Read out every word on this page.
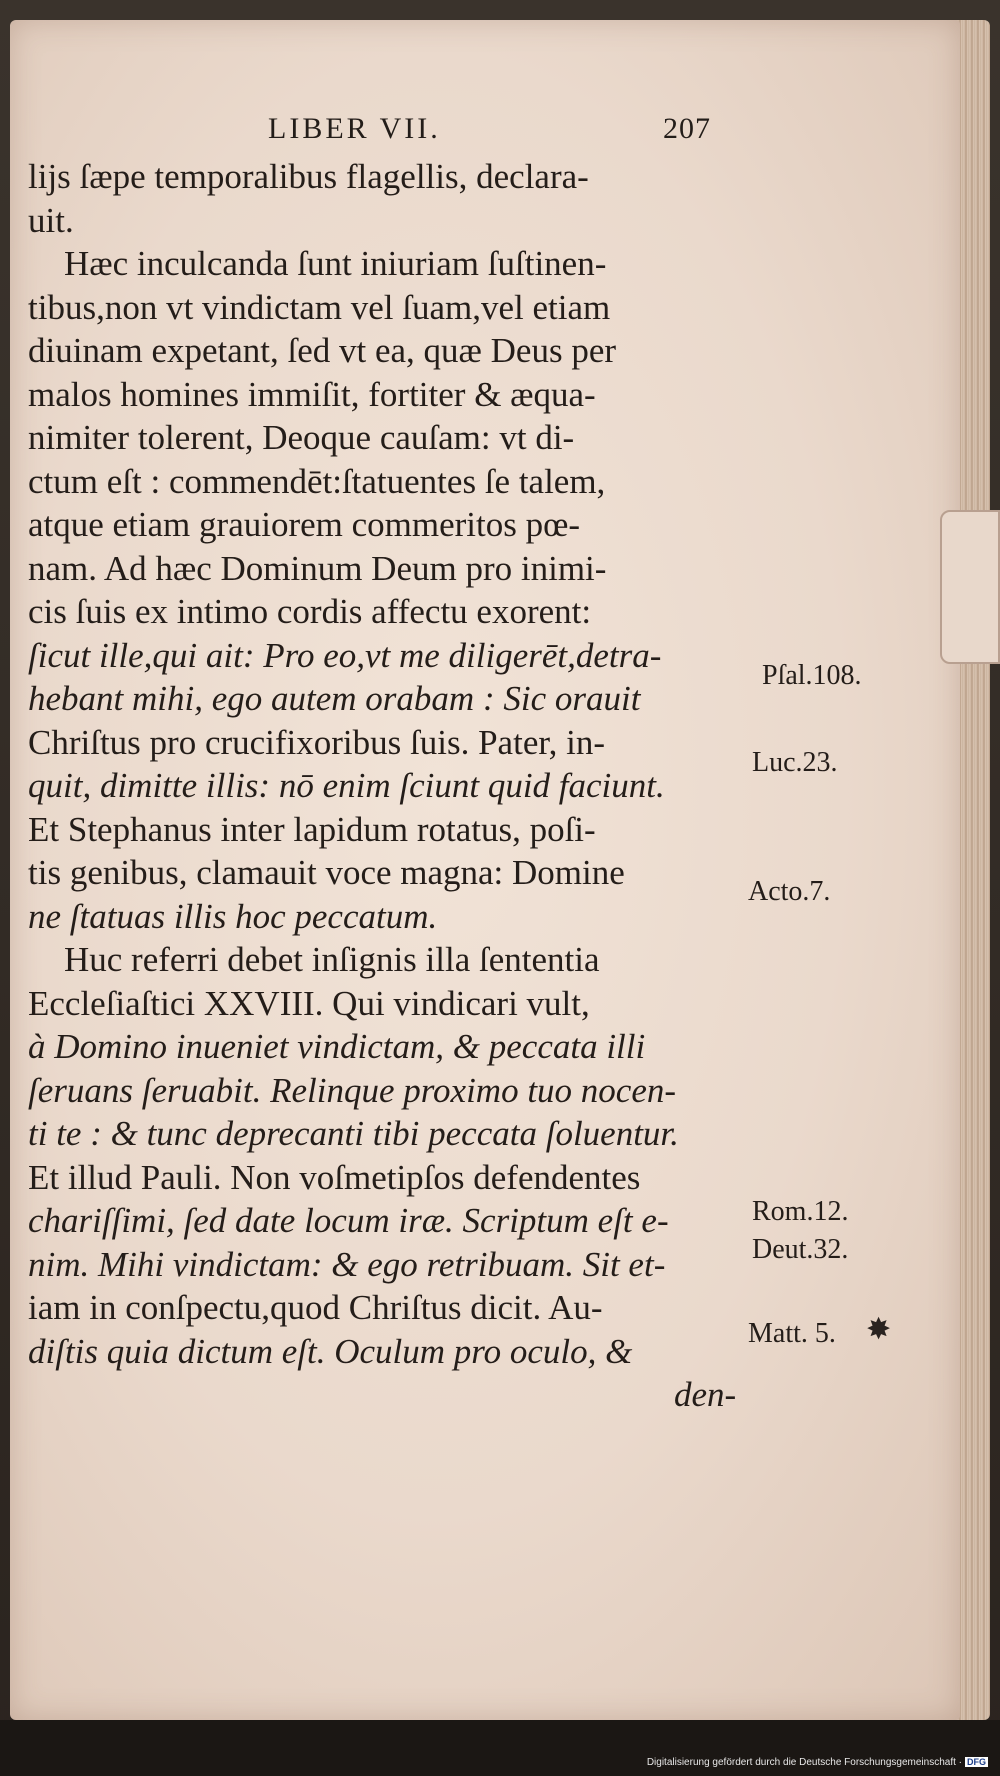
LIBER VII.	207
lijs ſæpe temporalibus flagellis, declara-
uit.
Hæc inculcanda ſunt iniuriam ſuſtinen-
tibus,non vt vindictam vel ſuam,vel etiam
diuinam expetant, ſed vt ea, quæ Deus per
malos homines immiſit, fortiter & æqua-
nimiter tolerent, Deoque cauſam: vt di-
ctum eſt : commendēt:ſtatuentes ſe talem,
atque etiam grauiorem commeritos pœ-
nam. Ad hæc Dominum Deum pro inimi-
cis ſuis ex intimo cordis affectu exorent:
ſicut ille,qui ait: Pro eo,vt me diligerēt,detra-
hebant mihi, ego autem orabam : Sic orauit
Chriſtus pro crucifixoribus ſuis. Pater, in-
quit, dimitte illis: nō enim ſciunt quid faciunt.
Et Stephanus inter lapidum rotatus, poſi-
tis genibus, clamauit voce magna: Domine
ne ſtatuas illis hoc peccatum.
Huc referri debet inſignis illa ſententia
Eccleſiaſtici XXVIII. Qui vindicari vult,
à Domino inueniet vindictam, & peccata illi
ſeruans ſeruabit. Relinque proximo tuo nocen-
ti te : & tunc deprecanti tibi peccata ſoluentur.
Et illud Pauli. Non voſmetipſos defendentes
chariſſimi, ſed date locum iræ. Scriptum eſt e-
nim. Mihi vindictam: & ego retribuam. Sit et-
iam in conſpectu,quod Chriſtus dicit. Au-
diſtis quia dictum eſt. Oculum pro oculo, &
den-
Pſal.108.
Luc.23.
Acto.7.
Rom.12.
Deut.32.
Matt. 5. ✸
Digitalisierung gefördert durch die Deutsche Forschungsgemeinschaft · DFG
